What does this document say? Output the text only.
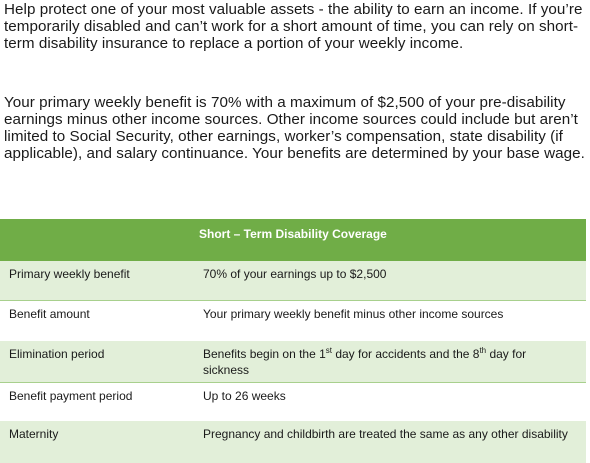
Help protect one of your most valuable assets - the ability to earn an income. If you’re temporarily disabled and can’t work for a short amount of time, you can rely on short-term disability insurance to replace a portion of your weekly income.

Your primary weekly benefit is 70% with a maximum of $2,500 of your pre-disability earnings minus other income sources. Other income sources could include but aren’t limited to Social Security, other earnings, worker’s compensation, state disability (if applicable), and salary continuance. Your benefits are determined by your base wage.

Short – Term Disability Coverage
Primary weekly benefit	70% of your earnings up to $2,500
Benefit amount	Your primary weekly benefit minus other income sources
Elimination period	Benefits begin on the 1st day for accidents and the 8th day for sickness
Benefit payment period	Up to 26 weeks
Maternity	Pregnancy and childbirth are treated the same as any other disability
